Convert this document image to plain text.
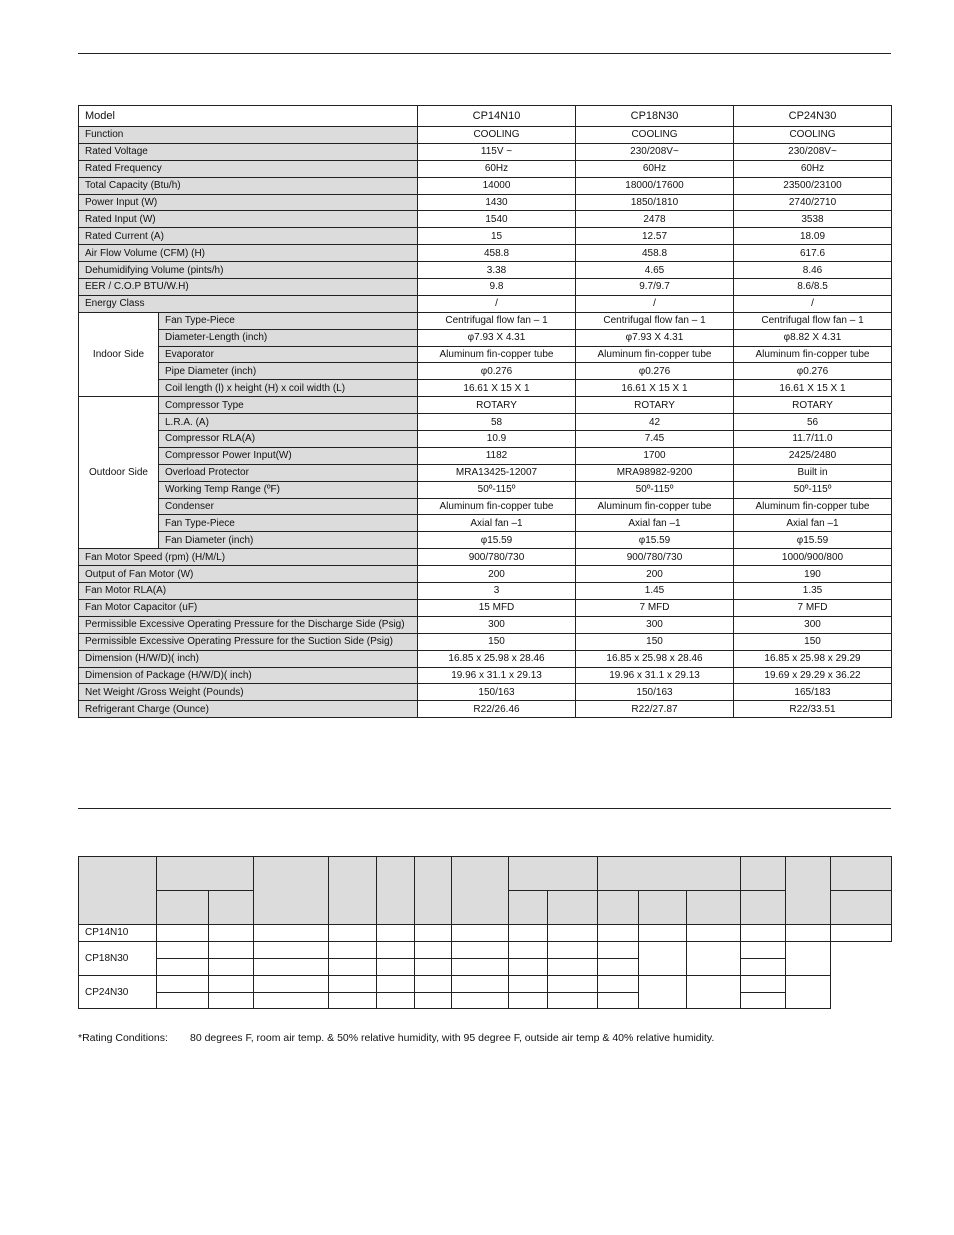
Model		CP14N10	CP18N30	CP24N30
Function		COOLING	COOLING	COOLING
Rated Voltage		115V ~	230/208V~	230/208V~
Rated Frequency		60Hz	60Hz	60Hz
Total Capacity (Btu/h)		14000	18000/17600	23500/23100
Power Input (W)		1430	1850/1810	2740/2710
Rated Input (W)		1540	2478	3538
Rated Current (A)		15	12.57	18.09
Air Flow Volume (CFM) (H)		458.8	458.8	617.6
Dehumidifying Volume (pints/h)		3.38	4.65	8.46
EER / C.O.P BTU/W.H)		9.8	9.7/9.7	8.6/8.5
Energy Class		/	/	/
Indoor Side	Fan Type-Piece	Centrifugal flow fan – 1	Centrifugal flow fan – 1	Centrifugal flow fan – 1
	Diameter-Length (inch)	φ7.93 X 4.31	φ7.93 X 4.31	φ8.82 X 4.31
	Evaporator	Aluminum fin-copper tube	Aluminum fin-copper tube	Aluminum fin-copper tube
	Pipe Diameter (inch)	φ0.276	φ0.276	φ0.276
	Coil length (l) x height (H) x coil width (L)	16.61 X 15 X 1	16.61 X 15 X 1	16.61 X 15 X 1
Outdoor Side	Compressor Type	ROTARY	ROTARY	ROTARY
	L.R.A. (A)	58	42	56
	Compressor RLA(A)	10.9	7.45	11.7/11.0
	Compressor Power Input(W)	1182	1700	2425/2480
	Overload Protector	MRA13425-12007	MRA98982-9200	Built in
	Working Temp Range (ºF)	50º-115º	50º-115º	50º-115º
	Condenser	Aluminum fin-copper tube	Aluminum fin-copper tube	Aluminum fin-copper tube
	Fan Type-Piece	Axial fan –1	Axial fan –1	Axial fan –1
	Fan Diameter (inch)	φ15.59	φ15.59	φ15.59
Fan Motor Speed (rpm) (H/M/L)		900/780/730	900/780/730	1000/900/800
Output of Fan Motor (W)		200	200	190
Fan Motor RLA(A)		3	1.45	1.35
Fan Motor Capacitor (uF)		15 MFD	7 MFD	7 MFD
Permissible Excessive Operating Pressure for the Discharge Side (Psig)		300	300	300
Permissible Excessive Operating Pressure for the Suction Side (Psig)		150	150	150
Dimension (H/W/D)( inch)		16.85 x 25.98 x 28.46	16.85 x 25.98 x 28.46	16.85 x 25.98 x 29.29
Dimension of Package (H/W/D)( inch)		19.96 x 31.1 x 29.13	19.96 x 31.1 x 29.13	19.69 x 29.29 x 36.22
Net Weight /Gross Weight (Pounds)		150/163	150/163	165/183
Refrigerant Charge (Ounce)		R22/26.46	R22/27.87	R22/33.51

CP14N10															
CP18N30															

CP24N30															

*Rating Conditions: 80 degrees F, room air temp. & 50% relative humidity, with 95 degree F, outside air temp & 40% relative humidity.
